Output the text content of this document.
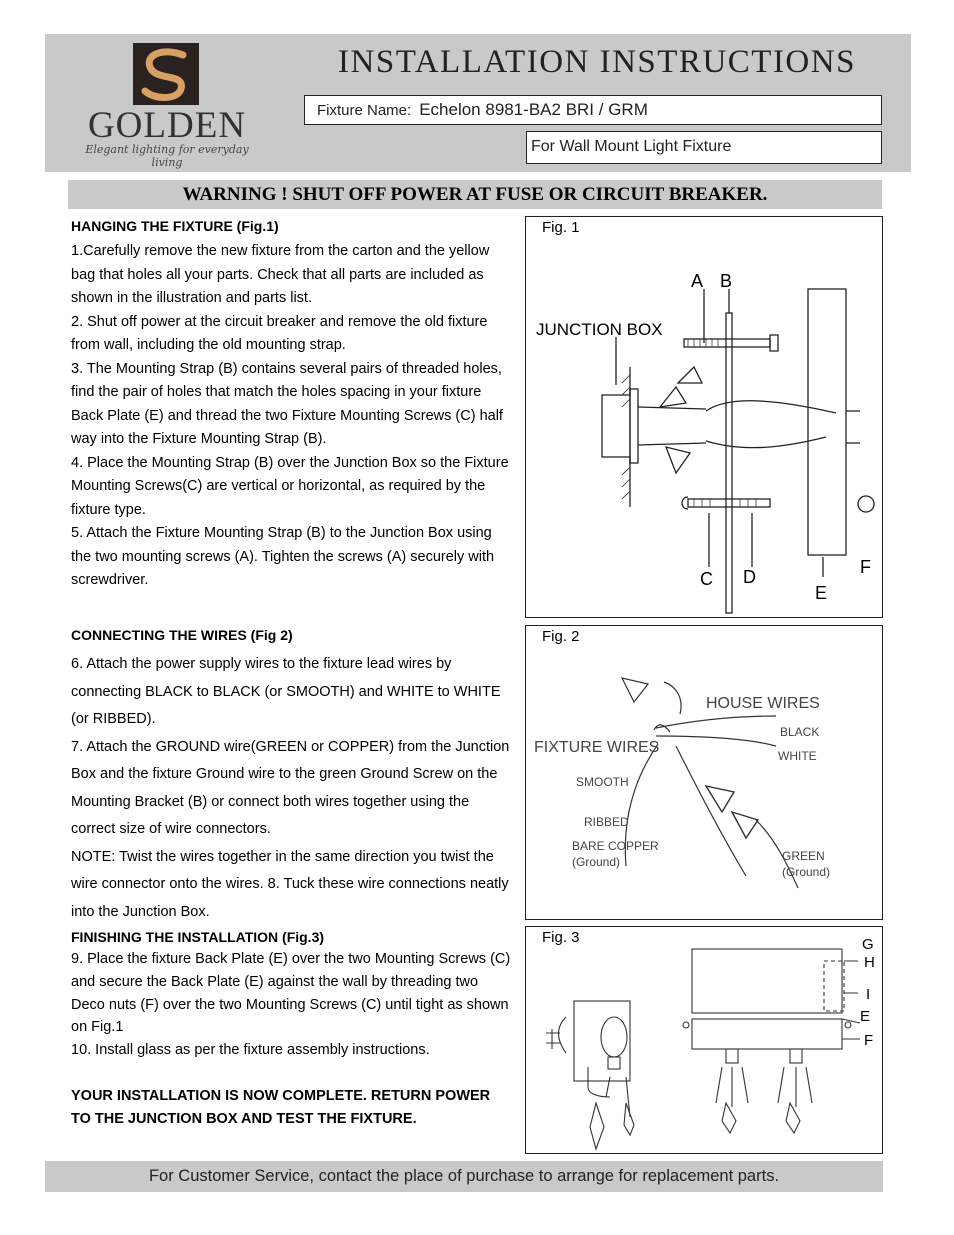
GOLDEN
Elegant lighting for everyday living
INSTALLATION INSTRUCTIONS
Fixture Name: Echelon 8981-BA2 BRI / GRM
For Wall Mount Light Fixture
WARNING ! SHUT OFF POWER AT FUSE OR CIRCUIT BREAKER.
HANGING THE FIXTURE (Fig.1)
1.Carefully remove the new fixture from the carton and the yellow bag that holes all your parts. Check that all parts are included as shown in the illustration and parts list.
2. Shut off power at the circuit breaker and remove the old fixture from wall, including the old mounting strap.
3. The Mounting Strap (B) contains several pairs of threaded holes, find the pair of holes that match the holes spacing in your fixture Back Plate (E) and thread the two Fixture Mounting Screws (C) half way into the Fixture Mounting Strap (B).
4. Place the Mounting Strap (B) over the Junction Box so the Fixture Mounting Screws(C) are vertical or horizontal, as required by the fixture type.
5. Attach the Fixture Mounting Strap (B) to the Junction Box using the two mounting screws (A). Tighten the screws (A) securely with screwdriver.
CONNECTING THE WIRES (Fig 2)
6. Attach the power supply wires to the fixture lead wires by connecting BLACK to BLACK (or SMOOTH) and WHITE to WHITE (or RIBBED).
7. Attach the GROUND wire(GREEN or COPPER) from the Junction Box and the fixture Ground wire to the green Ground Screw on the Mounting Bracket (B) or connect both wires together using the correct size of wire connectors.
NOTE: Twist the wires together in the same direction you twist the wire connector onto the wires. 8. Tuck these wire connections neatly into the Junction Box.
FINISHING THE INSTALLATION (Fig.3)
9. Place the fixture Back Plate (E) over the two Mounting Screws (C) and secure the Back Plate (E) against the wall by threading two Deco nuts (F) over the two Mounting Screws (C) until tight as shown on Fig.1
10. Install glass as per the fixture assembly instructions.
YOUR INSTALLATION IS NOW COMPLETE. RETURN POWER TO THE JUNCTION BOX AND TEST THE FIXTURE.
A B
JUNCTION BOX
C D
E
F
Fig. 1
HOUSE WIRES
BLACK
WHITE
FIXTURE WIRES
SMOOTH
RIBBED
BARE COPPER
(Ground)	GREEN
(Ground)
Fig. 2
G
H
I
E
F
Fig. 3
For Customer Service, contact the place of purchase to arrange for replacement parts.
